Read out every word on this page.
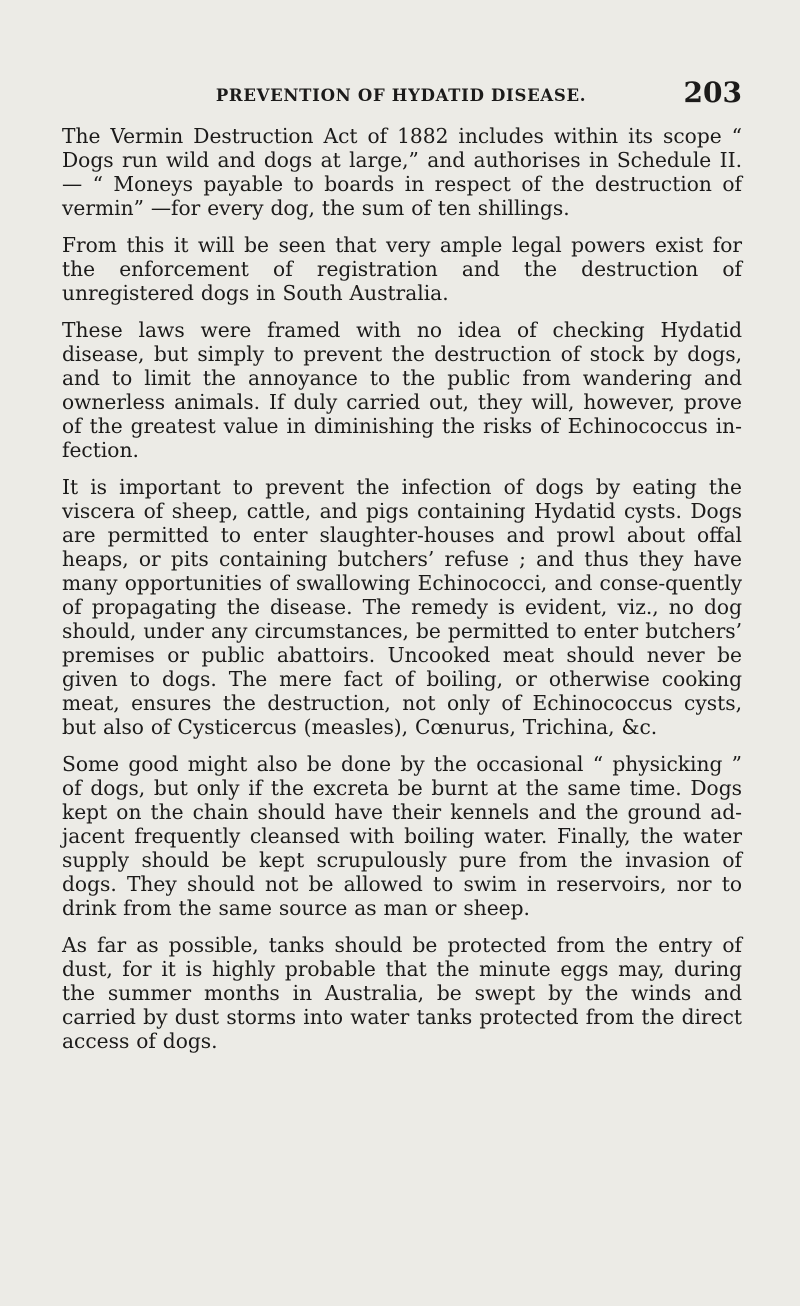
PREVENTION OF HYDATID DISEASE.	203

The Vermin Destruction Act of 1882 includes within its scope “ Dogs run wild and dogs at large,” and authorises in Schedule II.— “ Moneys payable to boards in respect of the destruction of vermin” —for every dog, the sum of ten shillings.

From this it will be seen that very ample legal powers exist for the enforcement of registration and the destruction of unregistered dogs in South Australia.

These laws were framed with no idea of checking Hydatid disease, but simply to prevent the destruction of stock by dogs, and to limit the annoyance to the public from wandering and ownerless animals. If duly carried out, they will, however, prove of the greatest value in diminishing the risks of Echinococcus in-fection.

It is important to prevent the infection of dogs by eating the viscera of sheep, cattle, and pigs containing Hydatid cysts. Dogs are permitted to enter slaughter-houses and prowl about offal heaps, or pits containing butchers’ refuse ; and thus they have many opportunities of swallowing Echinococci, and conse-quently of propagating the disease. The remedy is evident, viz., no dog should, under any circumstances, be permitted to enter butchers’ premises or public abattoirs. Uncooked meat should never be given to dogs. The mere fact of boiling, or otherwise cooking meat, ensures the destruction, not only of Echinococcus cysts, but also of Cysticercus (measles), Cœnurus, Trichina, &c.

Some good might also be done by the occasional “ physicking ” of dogs, but only if the excreta be burnt at the same time. Dogs kept on the chain should have their kennels and the ground ad-jacent frequently cleansed with boiling water. Finally, the water supply should be kept scrupulously pure from the invasion of dogs. They should not be allowed to swim in reservoirs, nor to drink from the same source as man or sheep.

As far as possible, tanks should be protected from the entry of dust, for it is highly probable that the minute eggs may, during the summer months in Australia, be swept by the winds and carried by dust storms into water tanks protected from the direct access of dogs.
